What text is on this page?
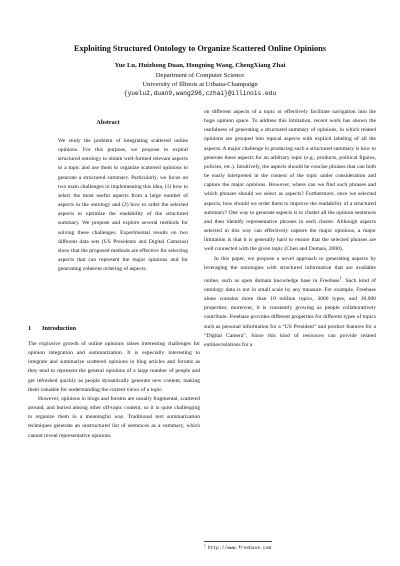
Exploiting Structured Ontology to Organize Scattered Online Opinions
Yue Lu, Huizhong Duan, Hongning Wang, ChengXiang Zhai
Department of Computer Science
University of Illinois at Urbana-Champaign
{yuelu2,duan9,wang296,czhai}@illinois.edu
Abstract

We study the problem of integrating scattered online opinions. For this purpose, we propose to exploit structured ontology to obtain well-formed relevant aspects to a topic and use them to organize scattered opinions to generate a structured summary. Particularly, we focus on two main challenges in implementing this idea, (1) how to select the most useful aspects from a large number of aspects in the ontology and (2) how to order the selected aspects to optimize the readability of the structured summary. We propose and explore several methods for solving these challenges. Experimental results on two different data sets (US Presidents and Digital Cameras) show that the proposed methods are effective for selecting aspects that can represent the major opinions and for generating coherent ordering of aspects.

1 Introduction

The explosive growth of online opinions raises interesting challenges for opinion integration and summarization. It is especially interesting to integrate and summarize scattered opinions in blog articles and forums as they tend to represent the general opinions of a large number of people and get refreshed quickly as people dynamically generate new content, making them valuable for understanding the current views of a topic.

However, opinions in blogs and forums are usually fragmental, scattered around, and buried among other off-topic content, so it is quite challenging to organize them in a meaningful way. Traditional text summarization techniques generate an unstructured list of sentences as a summary, which cannot reveal representative opinions

on different aspects of a topic or effectively facilitate navigation into the huge opinion space. To address this limitation, recent work has shown the usefulness of generating a structured summary of opinions, in which related opinions are grouped into topical aspects with explicit labeling of all the aspects. A major challenge in producing such a structured summary is how to generate these aspects for an arbitrary topic (e.g., products, political figures, policies, etc.). Intuitively, the aspects should be concise phrases that can both be easily interpreted in the context of the topic under consideration and capture the major opinions. However, where can we find such phrases and which phrases should we select as aspects? Furthermore, once we selected aspects, how should we order them to improve the readability of a structured summary? One way to generate aspects is to cluster all the opinion sentences and then identify representative phrases in each cluster. Although aspects selected in this way can effectively capture the major opinions, a major limitation is that it is generally hard to ensure that the selected phrases are well connected with the given topic (Chen and Dumais, 2000).

In this paper, we propose a novel approach to generating aspects by leveraging the ontologies with structured information that are available online, such as open domain knowledge base in Freebase$^1$. Such kind of ontology data is not in small scale by any measure. For example, Freebase alone contains more than 10 million topics, 3000 types, and 30,000 properties; moreover, it is constantly growing as people collaboratively contribute. Freebase provides different properties for different types of topics such as personal information for a “US President” and product features for a “Digital Camera”. Since this kind of resources can provide related entities/relations for a

$^1$ http://www.freebase.com
